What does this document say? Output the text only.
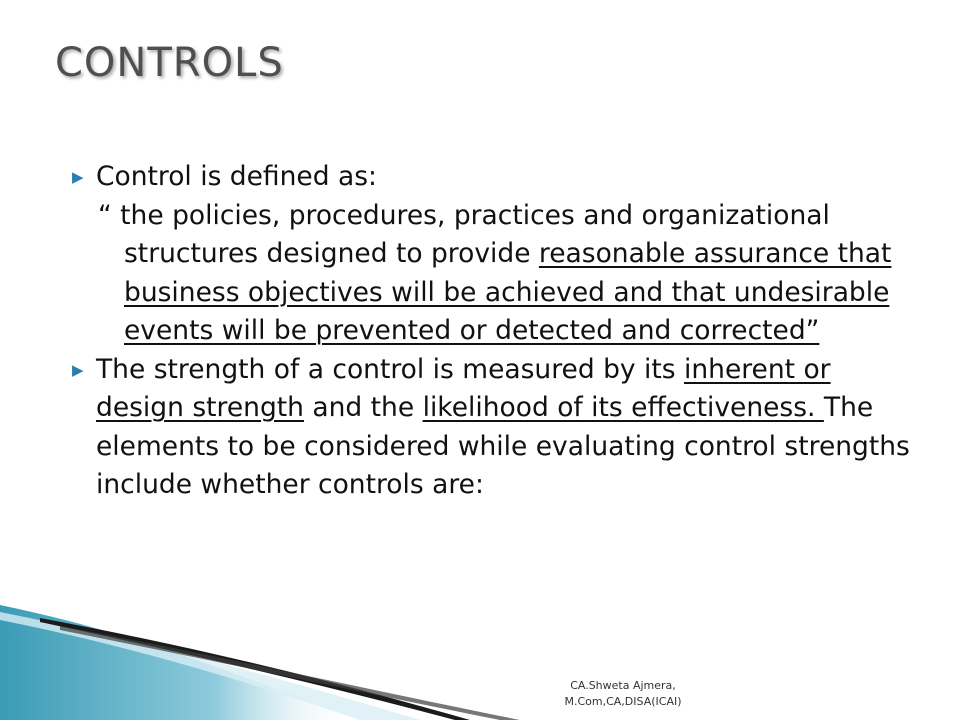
CONTROLS
▶ Control is defined as:
“ the policies, procedures, practices and organizational structures designed to provide reasonable assurance that business objectives will be achieved and that undesirable events will be prevented or detected and corrected”
▶ The strength of a control is measured by its inherent or design strength and the likelihood of its effectiveness. The elements to be considered while evaluating control strengths include whether controls are:
CA.Shweta Ajmera,
M.Com,CA,DISA(ICAI)
